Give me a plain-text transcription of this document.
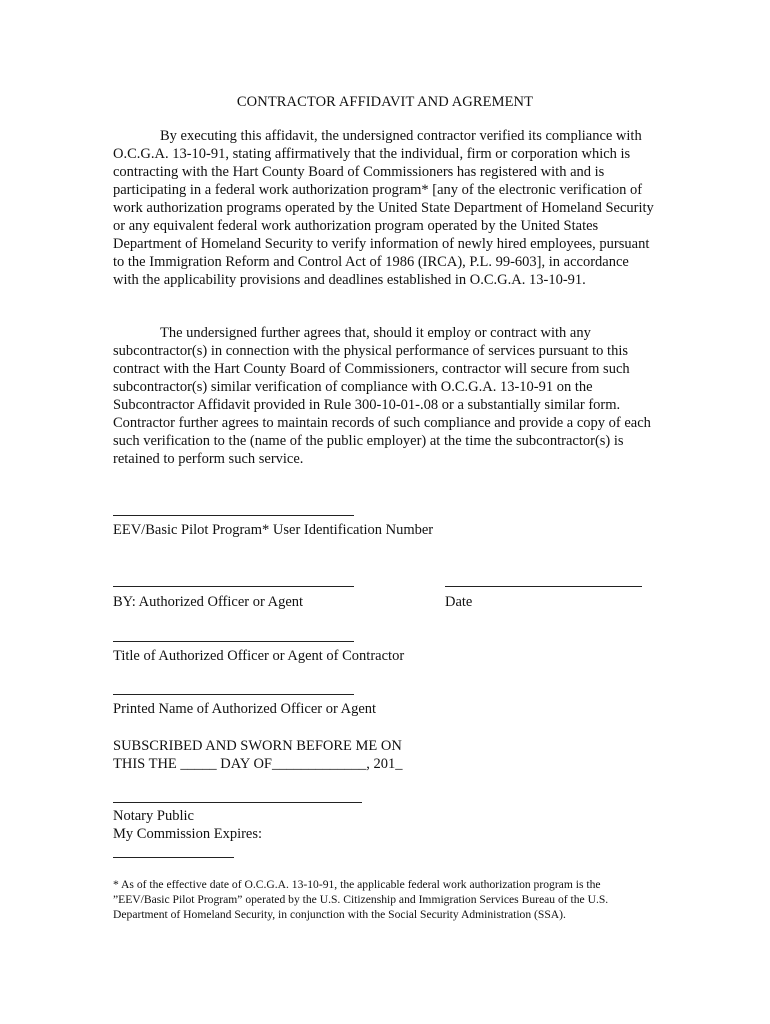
CONTRACTOR AFFIDAVIT AND AGREMENT
By executing this affidavit, the undersigned contractor verified its compliance with O.C.G.A. 13-10-91, stating affirmatively that the individual, firm or corporation which is contracting with the Hart County Board of Commissioners has registered with and is participating in a federal work authorization program* [any of the electronic verification of work authorization programs operated by the United State Department of Homeland Security or any equivalent federal work authorization program operated by the United States Department of Homeland Security to verify information of newly hired employees, pursuant to the Immigration Reform and Control Act of 1986 (IRCA), P.L. 99-603], in accordance with the applicability provisions and deadlines established in O.C.G.A. 13-10-91.
The undersigned further agrees that, should it employ or contract with any subcontractor(s) in connection with the physical performance of services pursuant to this contract with the Hart County Board of Commissioners, contractor will secure from such subcontractor(s) similar verification of compliance with O.C.G.A. 13-10-91 on the Subcontractor Affidavit provided in Rule 300-10-01-.08 or a substantially similar form. Contractor further agrees to maintain records of such compliance and provide a copy of each such verification to the (name of the public employer) at the time the subcontractor(s) is retained to perform such service.
EEV/Basic Pilot Program* User Identification Number
BY: Authorized Officer or Agent	Date
Title of Authorized Officer or Agent of Contractor
Printed Name of Authorized Officer or Agent
SUBSCRIBED AND SWORN BEFORE ME ON
THIS THE _____ DAY OF_____________, 201_
Notary Public
My Commission Expires:
* As of the effective date of O.C.G.A. 13-10-91, the applicable federal work authorization program is the ”EEV/Basic Pilot Program” operated by the U.S. Citizenship and Immigration Services Bureau of the U.S. Department of Homeland Security, in conjunction with the Social Security Administration (SSA).
